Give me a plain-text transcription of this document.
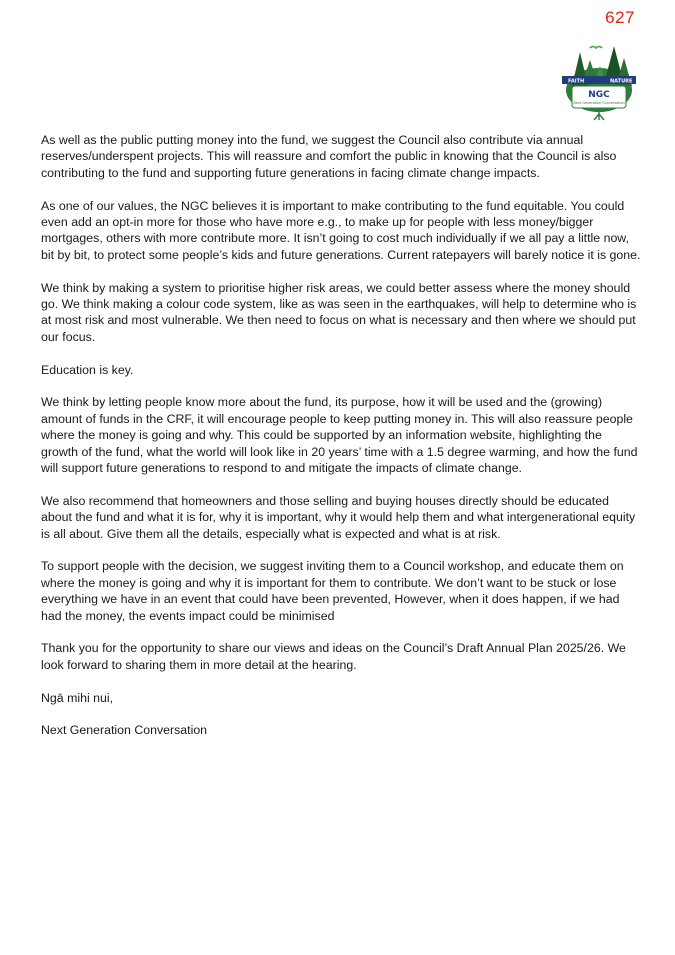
627
FAITH	NATURE
NGC
Next Generation Conversation

As well as the public putting money into the fund, we suggest the Council also contribute via annual reserves/underspent projects. This will reassure and comfort the public in knowing that the Council is also contributing to the fund and supporting future generations in facing climate change impacts.

As one of our values, the NGC believes it is important to make contributing to the fund equitable. You could even add an opt-in more for those who have more e.g., to make up for people with less money/bigger mortgages, others with more contribute more. It isn’t going to cost much individually if we all pay a little now, bit by bit, to protect some people’s kids and future generations. Current ratepayers will barely notice it is gone.

We think by making a system to prioritise higher risk areas, we could better assess where the money should go. We think making a colour code system, like as was seen in the earthquakes, will help to determine who is at most risk and most vulnerable. We then need to focus on what is necessary and then where we should put our focus.

Education is key.

We think by letting people know more about the fund, its purpose, how it will be used and the (growing) amount of funds in the CRF, it will encourage people to keep putting money in. This will also reassure people where the money is going and why. This could be supported by an information website, highlighting the growth of the fund, what the world will look like in 20 years’ time with a 1.5 degree warming, and how the fund will support future generations to respond to and mitigate the impacts of climate change.

We also recommend that homeowners and those selling and buying houses directly should be educated about the fund and what it is for, why it is important, why it would help them and what intergenerational equity is all about. Give them all the details, especially what is expected and what is at risk.

To support people with the decision, we suggest inviting them to a Council workshop, and educate them on where the money is going and why it is important for them to contribute. We don’t want to be stuck or lose everything we have in an event that could have been prevented, However, when it does happen, if we had had the money, the events impact could be minimised

Thank you for the opportunity to share our views and ideas on the Council’s Draft Annual Plan 2025/26. We look forward to sharing them in more detail at the hearing.

Ngā mihi nui,

Next Generation Conversation
